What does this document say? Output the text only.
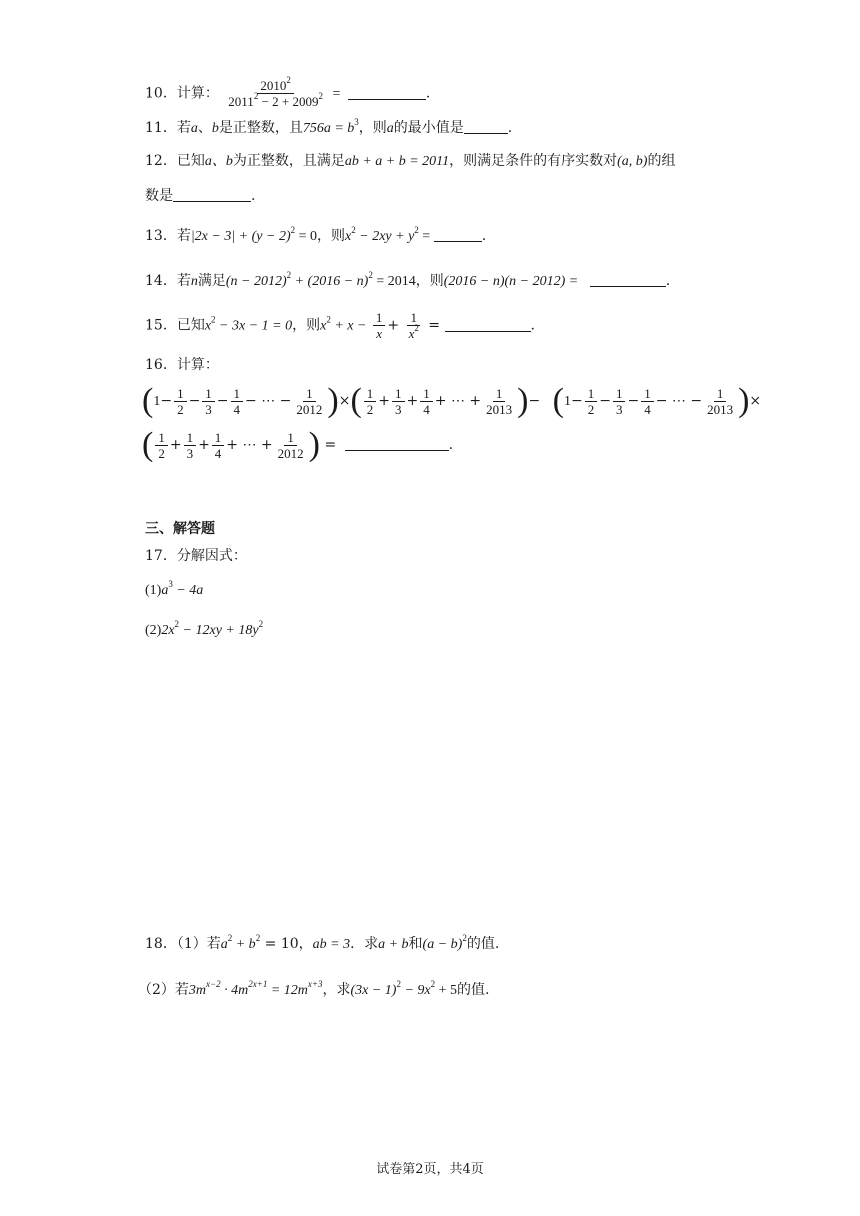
10．计算： $\frac{2010^2}{2011^2 - 2 + 2009^2}$ =	.
11．若a、b是正整数，且$756a = b^3$，则a的最小值是	.
12．已知a、b为正整数，且满足ab + a + b = 2011，则满足条件的有序实数对(a, b)的组
数是	.
13．若$|2x - 3| + (y - 2)^2 = 0$，则$x^2 - 2xy + y^2$ =	.
14．若n满足$(n - 2012)^2 + (2016 - n)^2 = 2014$，则(2016 − n)(n − 2012) =	.
15．已知$x^2 - 3x - 1 = 0$，则$x^2 + x - \frac{1}{x} + \frac{1}{x^2}$ =	.
16．计算：
($1- \frac{1}{2} - \frac{1}{3} - \frac{1}{4}$ − ⋯ − $\frac{1}{2012}$ )×( $\frac{1}{2} + \frac{1}{3} + \frac{1}{4}$ + ⋯ + $\frac{1}{2013}$ )− ($1- \frac{1}{2} - \frac{1}{3} - \frac{1}{4}$ − ⋯ − $\frac{1}{2013}$ )×
( $\frac{1}{2} + \frac{1}{3} + \frac{1}{4}$ + ⋯ + $\frac{1}{2012}$ ) =	.
三、解答题
17．分解因式：
$(1)a^3 - 4a$
$(2)2x^2 - 12xy + 18y^2$
18．（1）若$a^2 + b^2 = 10$，ab = 3．求a + b和$(a - b)^2$的值.
（2）若$3m^{x-2} \cdot 4m^{2x+1} = 12m^{x+3}$，求$(3x - 1)^2 - 9x^2 + 5$的值.
试卷第2页，共4页
